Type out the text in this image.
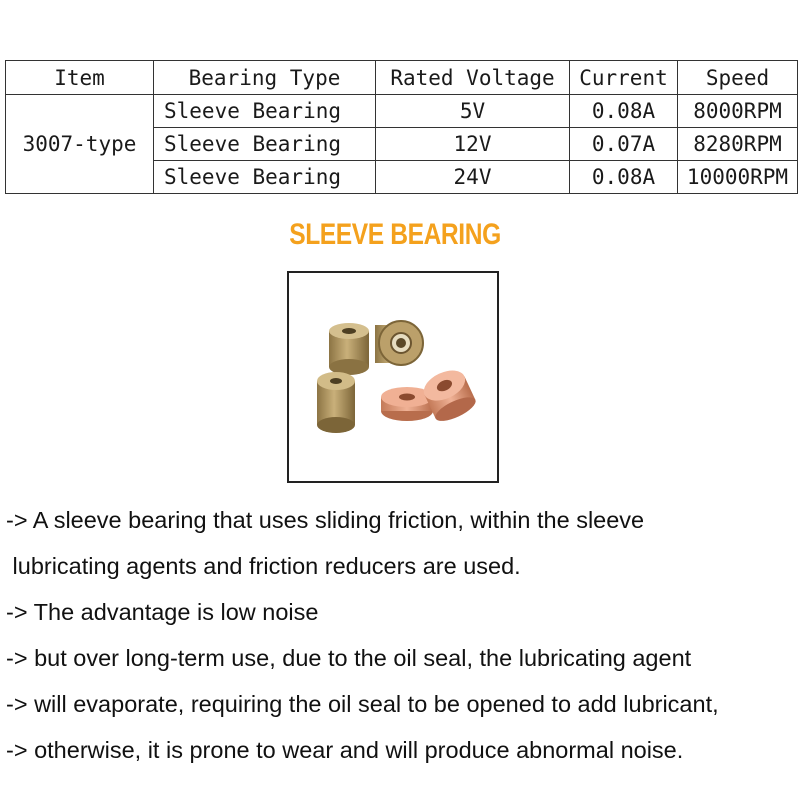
Item	Bearing Type	Rated Voltage	Current	Speed
3007-type	Sleeve Bearing	5V	0.08A	8000RPM
	Sleeve Bearing	12V	0.07A	8280RPM
	Sleeve Bearing	24V	0.08A	10000RPM
SLEEVE BEARING
-> A sleeve bearing that uses sliding friction, within the sleeve
lubricating agents and friction reducers are used.
-> The advantage is low noise
-> but over long-term use, due to the oil seal, the lubricating agent
-> will evaporate, requiring the oil seal to be opened to add lubricant,
-> otherwise, it is prone to wear and will produce abnormal noise.
